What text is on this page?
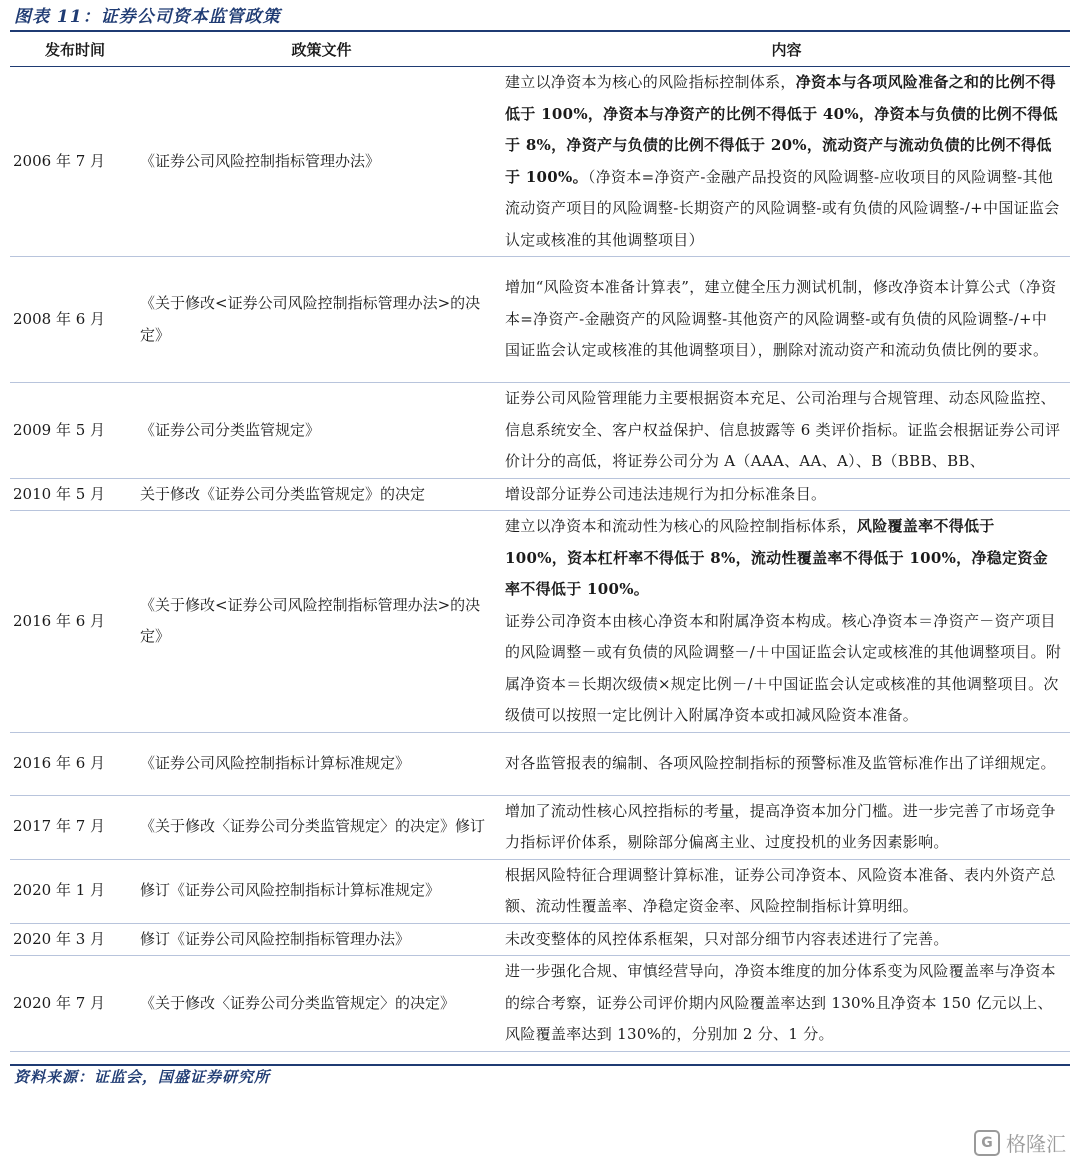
图表 11：证券公司资本监管政策
发布时间	政策文件	内容
2006 年 7 月	《证券公司风险控制指标管理办法》	建立以净资本为核心的风险指标控制体系，净资本与各项风险准备之和的比例不得低于 100%，净资本与净资产的比例不得低于 40%，净资本与负债的比例不得低于 8%，净资产与负债的比例不得低于 20%，流动资产与流动负债的比例不得低于 100%。（净资本=净资产-金融产品投资的风险调整-应收项目的风险调整-其他流动资产项目的风险调整-长期资产的风险调整-或有负债的风险调整-/+中国证监会认定或核准的其他调整项目）
2008 年 6 月	《关于修改<证券公司风险控制指标管理办法>的决定》	增加“风险资本准备计算表”，建立健全压力测试机制，修改净资本计算公式（净资本=净资产-金融资产的风险调整-其他资产的风险调整-或有负债的风险调整-/+中国证监会认定或核准的其他调整项目），删除对流动资产和流动负债比例的要求。
2009 年 5 月	《证券公司分类监管规定》	证券公司风险管理能力主要根据资本充足、公司治理与合规管理、动态风险监控、信息系统安全、客户权益保护、信息披露等 6 类评价指标。证监会根据证券公司评价计分的高低，将证券公司分为 A（AAA、AA、A）、B（BBB、BB、
2010 年 5 月	关于修改《证券公司分类监管规定》的决定	增设部分证券公司违法违规行为扣分标准条目。
2016 年 6 月	《关于修改<证券公司风险控制指标管理办法>的决定》	建立以净资本和流动性为核心的风险控制指标体系，风险覆盖率不得低于 100%，资本杠杆率不得低于 8%，流动性覆盖率不得低于 100%，净稳定资金率不得低于 100%。
证券公司净资本由核心净资本和附属净资本构成。核心净资本＝净资产－资产项目的风险调整－或有负债的风险调整－/＋中国证监会认定或核准的其他调整项目。附属净资本＝长期次级债×规定比例－/＋中国证监会认定或核准的其他调整项目。次级债可以按照一定比例计入附属净资本或扣减风险资本准备。

2016 年 6 月	《证券公司风险控制指标计算标准规定》	对各监管报表的编制、各项风险控制指标的预警标准及监管标准作出了详细规定。
2017 年 7 月	《关于修改〈证券公司分类监管规定〉的决定》修订	增加了流动性核心风控指标的考量，提高净资本加分门槛。进一步完善了市场竞争力指标评价体系，剔除部分偏离主业、过度投机的业务因素影响。
2020 年 1 月	修订《证券公司风险控制指标计算标准规定》	根据风险特征合理调整计算标准，证券公司净资本、风险资本准备、表内外资产总额、流动性覆盖率、净稳定资金率、风险控制指标计算明细。
2020 年 3 月	修订《证券公司风险控制指标管理办法》	未改变整体的风控体系框架，只对部分细节内容表述进行了完善。
2020 年 7 月	《关于修改〈证券公司分类监管规定〉的决定》	进一步强化合规、审慎经营导向，净资本维度的加分体系变为风险覆盖率与净资本的综合考察，证券公司评价期内风险覆盖率达到 130%且净资本 150 亿元以上、风险覆盖率达到 130%的，分别加 2 分、1 分。
资料来源：证监会，国盛证券研究所
G 格隆汇
